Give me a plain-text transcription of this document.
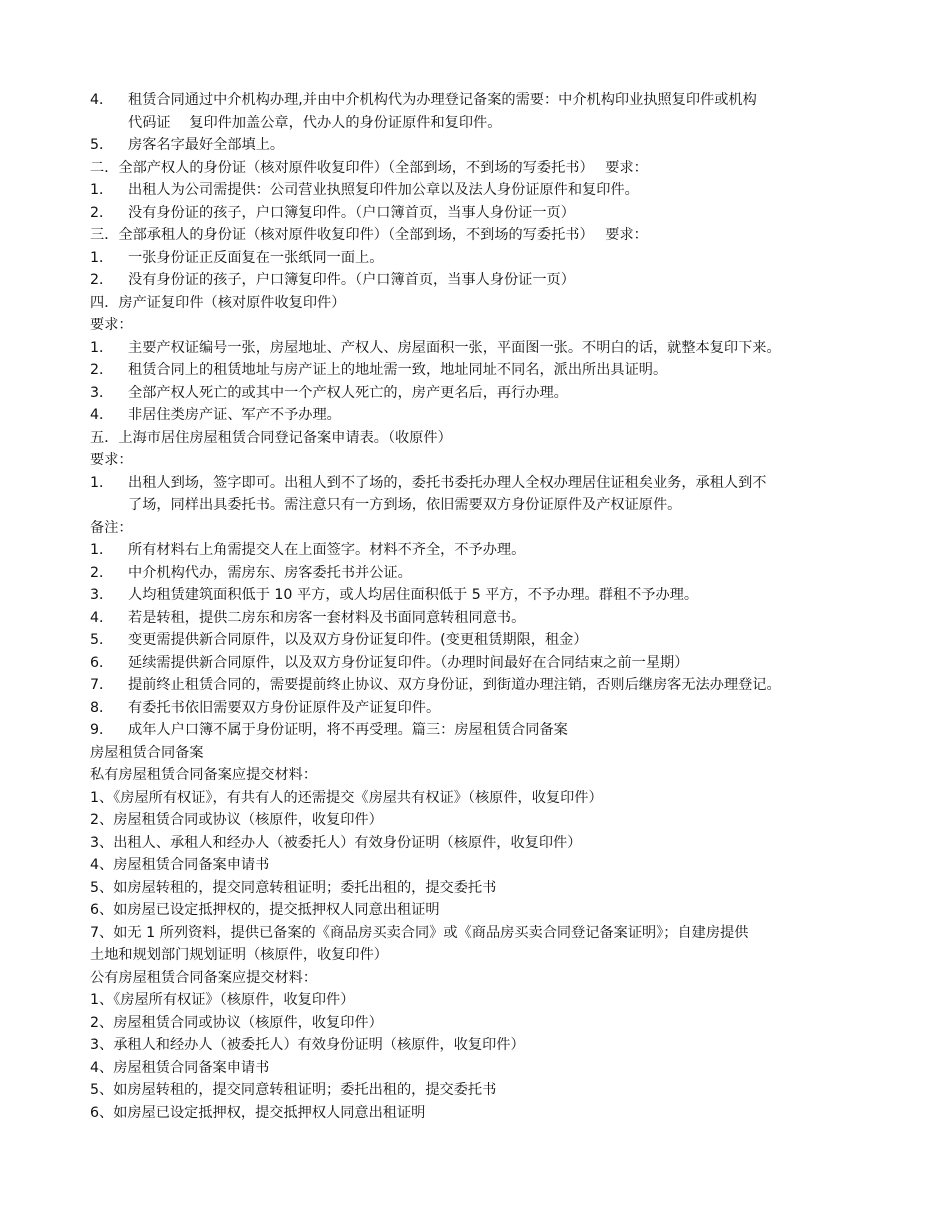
4． 租赁合同通过中介机构办理,并由中介机构代为办理登记备案的需要：中介机构印业执照复印件或机构
代码证　 复印件加盖公章，代办人的身份证原件和复印件。
5． 房客名字最好全部填上。
二．全部产权人的身份证（核对原件收复印件）（全部到场，不到场的写委托书）　 要求：
1． 出租人为公司需提供：公司营业执照复印件加公章以及法人身份证原件和复印件。
2． 没有身份证的孩子，户口簿复印件。（户口簿首页，当事人身份证一页）
三．全部承租人的身份证（核对原件收复印件）（全部到场，不到场的写委托书）　 要求：
1． 一张身份证正反面复在一张纸同一面上。
2． 没有身份证的孩子，户口簿复印件。（户口簿首页，当事人身份证一页）
四．房产证复印件（核对原件收复印件）
要求：
1． 主要产权证编号一张，房屋地址、产权人、房屋面积一张，平面图一张。不明白的话，就整本复印下来。
2． 租赁合同上的租赁地址与房产证上的地址需一致，地址同址不同名，派出所出具证明。
3． 全部产权人死亡的或其中一个产权人死亡的，房产更名后，再行办理。
4． 非居住类房产证、军产不予办理。
五．上海市居住房屋租赁合同登记备案申请表。（收原件）
要求：
1． 出租人到场，签字即可。出租人到不了场的，委托书委托办理人全权办理居住证租矣业务，承租人到不
了场，同样出具委托书。需注意只有一方到场，依旧需要双方身份证原件及产权证原件。
备注：
1． 所有材料右上角需提交人在上面签字。材料不齐全，不予办理。
2． 中介机构代办，需房东、房客委托书并公证。
3． 人均租赁建筑面积低于 10 平方，或人均居住面积低于 5 平方，不予办理。群租不予办理。
4． 若是转租，提供二房东和房客一套材料及书面同意转租同意书。
5． 变更需提供新合同原件，以及双方身份证复印件。(变更租赁期限，租金）
6． 延续需提供新合同原件，以及双方身份证复印件。（办理时间最好在合同结束之前一星期）
7． 提前终止租赁合同的，需要提前终止协议、双方身份证，到街道办理注销，否则后继房客无法办理登记。
8． 有委托书依旧需要双方身份证原件及产证复印件。
9． 成年人户口簿不属于身份证明，将不再受理。篇三：房屋租赁合同备案
房屋租赁合同备案
私有房屋租赁合同备案应提交材料：
1、《房屋所有权证》，有共有人的还需提交《房屋共有权证》（核原件，收复印件）
2、房屋租赁合同或协议（核原件，收复印件）
3、出租人、承租人和经办人（被委托人）有效身份证明（核原件，收复印件）
4、房屋租赁合同备案申请书
5、如房屋转租的，提交同意转租证明；委托出租的，提交委托书
6、如房屋已设定抵押权的，提交抵押权人同意出租证明
7、如无 1 所列资料，提供已备案的《商品房买卖合同》或《商品房买卖合同登记备案证明》；自建房提供
土地和规划部门规划证明（核原件，收复印件）
公有房屋租赁合同备案应提交材料：
1、《房屋所有权证》（核原件，收复印件）
2、房屋租赁合同或协议（核原件，收复印件）
3、承租人和经办人（被委托人）有效身份证明（核原件，收复印件）
4、房屋租赁合同备案申请书
5、如房屋转租的，提交同意转租证明；委托出租的，提交委托书
6、如房屋已设定抵押权，提交抵押权人同意出租证明
